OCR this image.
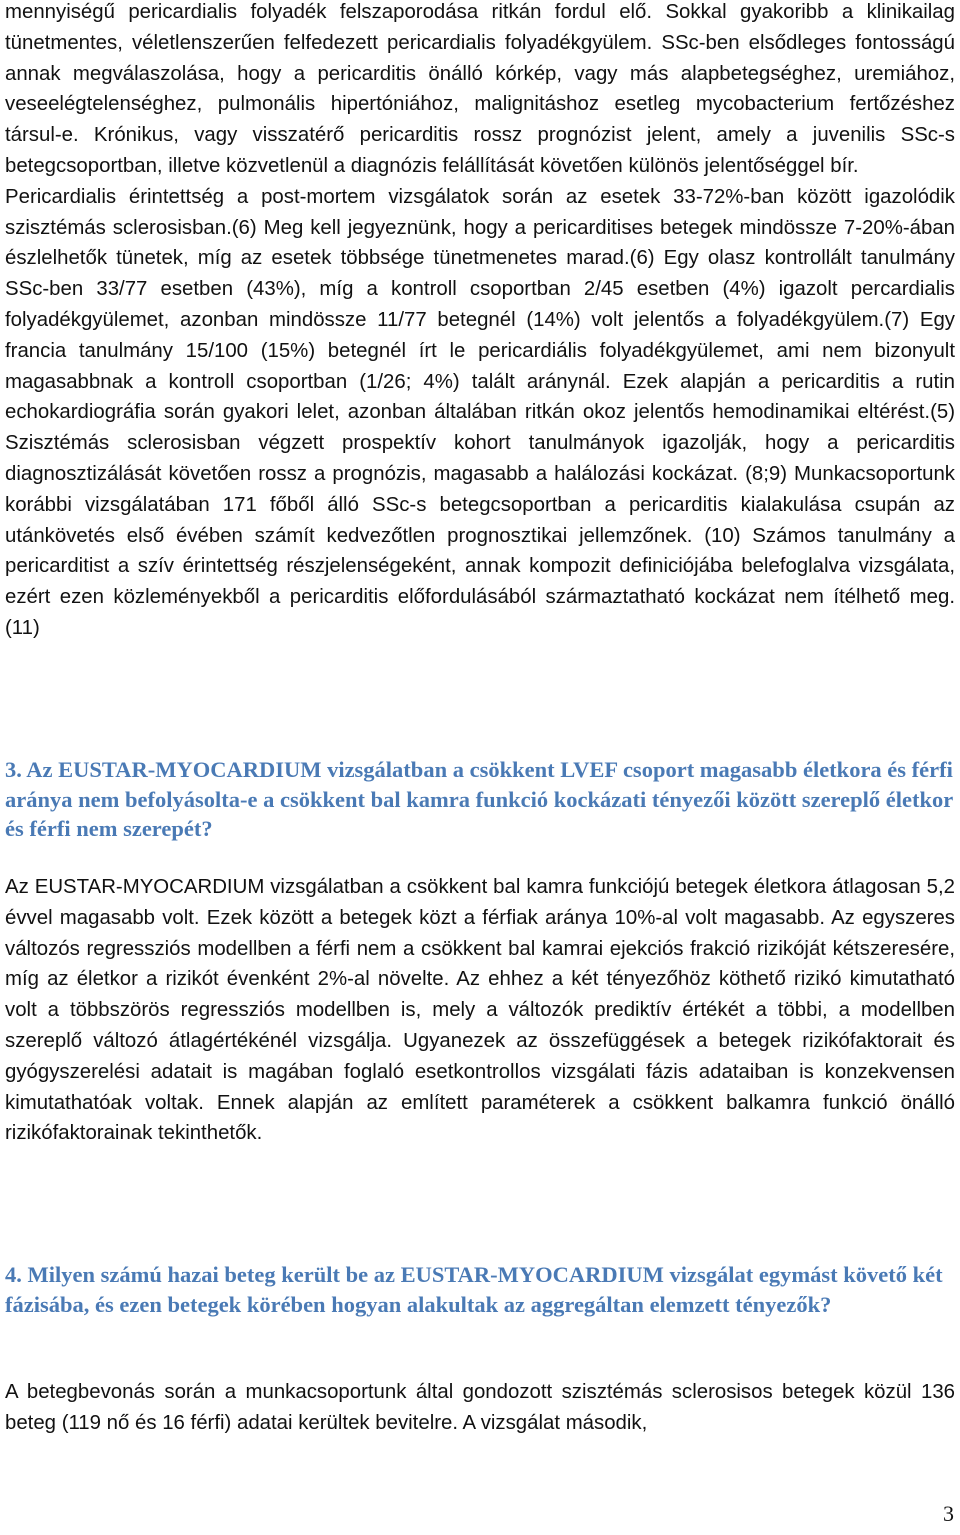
mennyiségű pericardialis folyadék felszaporodása ritkán fordul elő. Sokkal gyakoribb a klinikailag tünetmentes, véletlenszerűen felfedezett pericardialis folyadékgyülem. SSc-ben elsődleges fontosságú annak megválaszolása, hogy a pericarditis önálló kórkép, vagy más alapbetegséghez, uremiához, veseelégtelenséghez, pulmonális hipertóniához, malignitáshoz esetleg mycobacterium fertőzéshez társul-e. Krónikus, vagy visszatérő pericarditis rossz prognózist jelent, amely a juvenilis SSc-s betegcsoportban, illetve közvetlenül a diagnózis felállítását követően különös jelentőséggel bír.

Pericardialis érintettség a post-mortem vizsgálatok során az esetek 33-72%-ban között igazolódik szisztémás sclerosisban.(6) Meg kell jegyeznünk, hogy a pericarditises betegek mindössze 7-20%-ában észlelhetők tünetek, míg az esetek többsége tünetmenetes marad.(6) Egy olasz kontrollált tanulmány SSc-ben 33/77 esetben (43%), míg a kontroll csoportban 2/45 esetben (4%) igazolt percardialis folyadékgyülemet, azonban mindössze 11/77 betegnél (14%) volt jelentős a folyadékgyülem.(7) Egy francia tanulmány 15/100 (15%) betegnél írt le pericardiális folyadékgyülemet, ami nem bizonyult magasabbnak a kontroll csoportban (1/26; 4%) talált aránynál. Ezek alapján a pericarditis a rutin echokardiográfia során gyakori lelet, azonban általában ritkán okoz jelentős hemodinamikai eltérést.(5) Szisztémás sclerosisban végzett prospektív kohort tanulmányok igazolják, hogy a pericarditis diagnosztizálását követően rossz a prognózis, magasabb a halálozási kockázat. (8;9) Munkacsoportunk korábbi vizsgálatában 171 főből álló SSc-s betegcsoportban a pericarditis kialakulása csupán az utánkövetés első évében számít kedvezőtlen prognosztikai jellemzőnek. (10) Számos tanulmány a pericarditist a szív érintettség részjelenségeként, annak kompozit definiciójába belefoglalva vizsgálata, ezért ezen közleményekből a pericarditis előfordulásából származtatható kockázat nem ítélhető meg. (11)

3. Az EUSTAR-MYOCARDIUM vizsgálatban a csökkent LVEF csoport magasabb életkora és férfi aránya nem befolyásolta-e a csökkent bal kamra funkció kockázati tényezői között szereplő életkor és férfi nem szerepét?

Az EUSTAR-MYOCARDIUM vizsgálatban a csökkent bal kamra funkciójú betegek életkora átlagosan 5,2 évvel magasabb volt. Ezek között a betegek közt a férfiak aránya 10%-al volt magasabb. Az egyszeres változós regressziós modellben a férfi nem a csökkent bal kamrai ejekciós frakció rizikóját kétszeresére, míg az életkor a rizikót évenként 2%-al növelte. Az ehhez a két tényezőhöz köthető rizikó kimutatható volt a többszörös regressziós modellben is, mely a változók prediktív értékét a többi, a modellben szereplő változó átlagértékénél vizsgálja. Ugyanezek az összefüggések a betegek rizikófaktorait és gyógyszerelési adatait is magában foglaló esetkontrollos vizsgálati fázis adataiban is konzekvensen kimutathatóak voltak. Ennek alapján az említett paraméterek a csökkent balkamra funkció önálló rizikófaktorainak tekinthetők.

4. Milyen számú hazai beteg került be az EUSTAR-MYOCARDIUM vizsgálat egymást követő két fázisába, és ezen betegek körében hogyan alakultak az aggregáltan elemzett tényezők?

A betegbevonás során a munkacsoportunk által gondozott szisztémás sclerosisos betegek közül 136 beteg (119 nő és 16 férfi) adatai kerültek bevitelre. A vizsgálat második,

3
